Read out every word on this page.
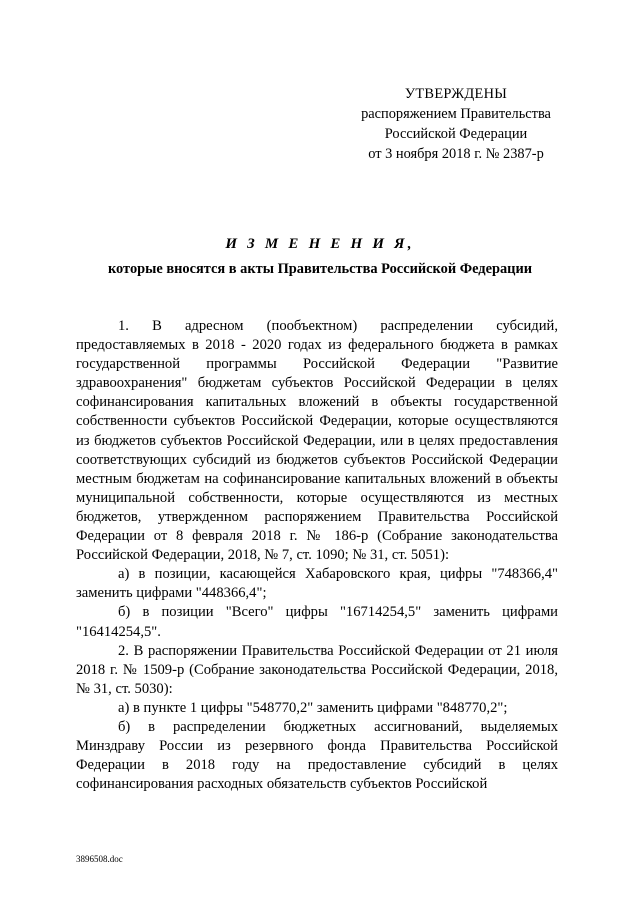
УТВЕРЖДЕНЫ
распоряжением Правительства
Российской Федерации
от 3 ноября 2018 г. № 2387-р
И З М Е Н Е Н И Я,
которые вносятся в акты Правительства Российской Федерации

1. В адресном (пообъектном) распределении субсидий, предоставляемых в 2018 - 2020 годах из федерального бюджета в рамках государственной программы Российской Федерации "Развитие здравоохранения" бюджетам субъектов Российской Федерации в целях софинансирования капитальных вложений в объекты государственной собственности субъектов Российской Федерации, которые осуществляются из бюджетов субъектов Российской Федерации, или в целях предоставления соответствующих субсидий из бюджетов субъектов Российской Федерации местным бюджетам на софинансирование капитальных вложений в объекты муниципальной собственности, которые осуществляются из местных бюджетов, утвержденном распоряжением Правительства Российской Федерации от 8 февраля 2018 г. № 186-р (Собрание законодательства Российской Федерации, 2018, № 7, ст. 1090; № 31, ст. 5051):

а) в позиции, касающейся Хабаровского края, цифры "748366,4" заменить цифрами "448366,4";

б) в позиции "Всего" цифры "16714254,5" заменить цифрами "16414254,5".

2. В распоряжении Правительства Российской Федерации от 21 июля 2018 г. № 1509-р (Собрание законодательства Российской Федерации, 2018, № 31, ст. 5030):

а) в пункте 1 цифры "548770,2" заменить цифрами "848770,2";

б) в распределении бюджетных ассигнований, выделяемых Минздраву России из резервного фонда Правительства Российской Федерации в 2018 году на предоставление субсидий в целях софинансирования расходных обязательств субъектов Российской

3896508.doc
